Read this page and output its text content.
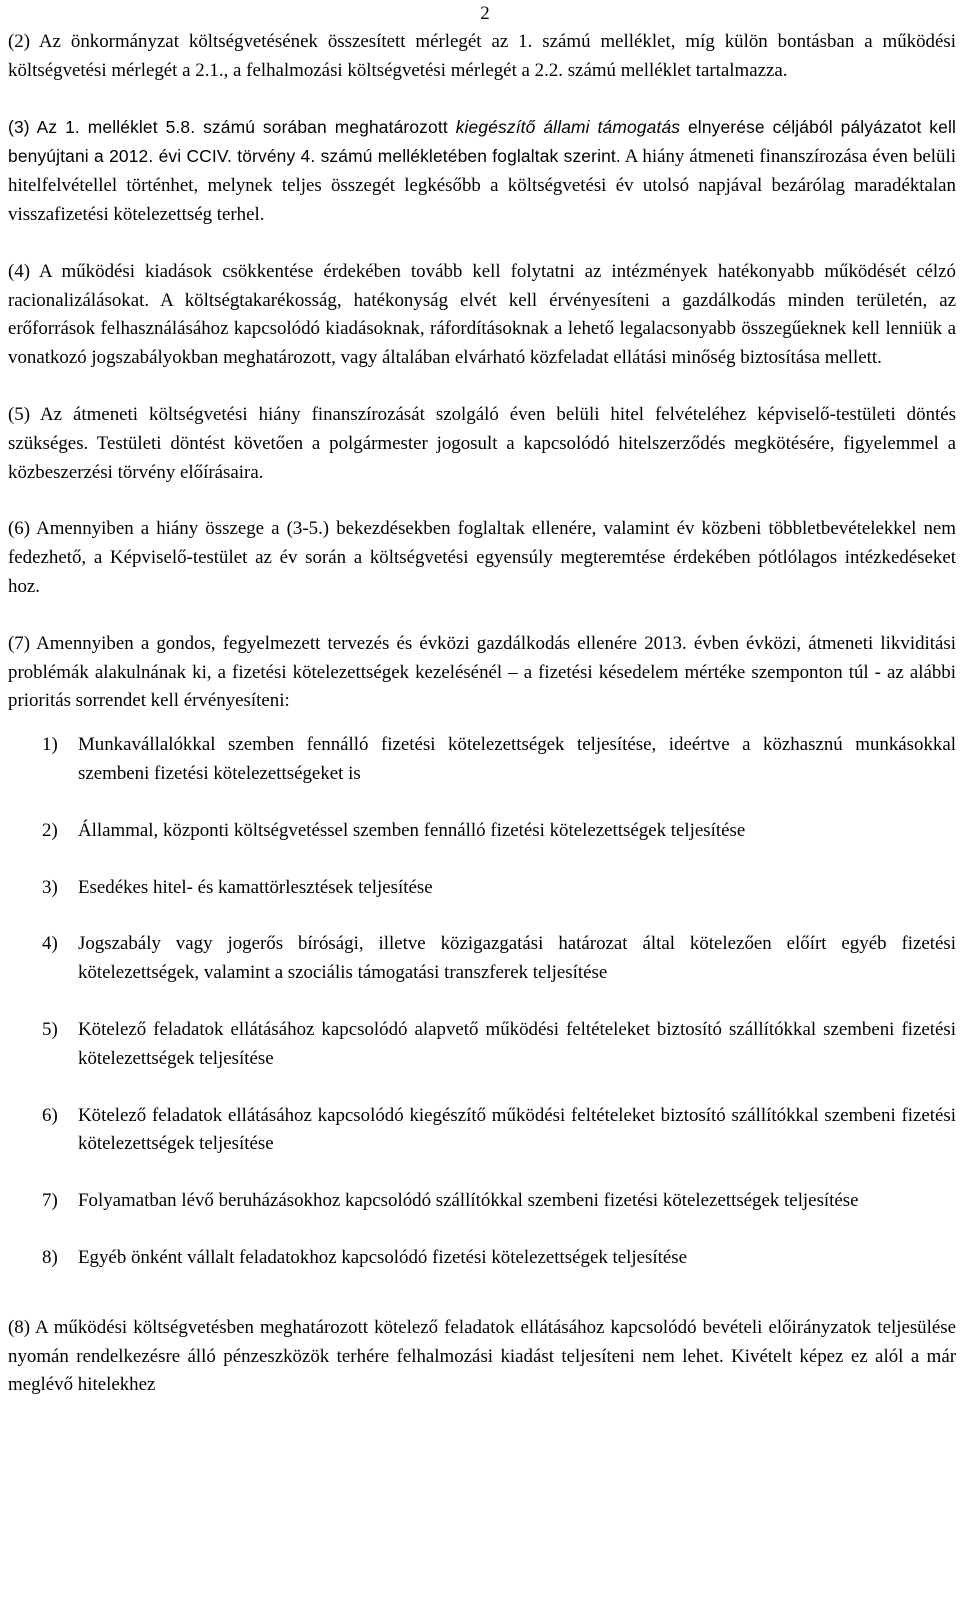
2

(2) Az önkormányzat költségvetésének összesített mérlegét az 1. számú melléklet, míg külön bontásban a működési költségvetési mérlegét a 2.1., a felhalmozási költségvetési mérlegét a 2.2. számú melléklet tartalmazza.

(3) Az 1. melléklet 5.8. számú sorában meghatározott kiegészítő állami támogatás elnyerése céljából pályázatot kell benyújtani a 2012. évi CCIV. törvény 4. számú mellékletében foglaltak szerint. A hiány átmeneti finanszírozása éven belüli hitelfelvétellel történhet, melynek teljes összegét legkésőbb a költségvetési év utolsó napjával bezárólag maradéktalan visszafizetési kötelezettség terhel.

(4) A működési kiadások csökkentése érdekében tovább kell folytatni az intézmények hatékonyabb működését célzó racionalizálásokat. A költségtakarékosság, hatékonyság elvét kell érvényesíteni a gazdálkodás minden területén, az erőforrások felhasználásához kapcsolódó kiadásoknak, ráfordításoknak a lehető legalacsonyabb összegűeknek kell lenniük a vonatkozó jogszabályokban meghatározott, vagy általában elvárható közfeladat ellátási minőség biztosítása mellett.

(5) Az átmeneti költségvetési hiány finanszírozását szolgáló éven belüli hitel felvételéhez képviselő-testületi döntés szükséges. Testületi döntést követően a polgármester jogosult a kapcsolódó hitelszerződés megkötésére, figyelemmel a közbeszerzési törvény előírásaira.

(6) Amennyiben a hiány összege a (3-5.) bekezdésekben foglaltak ellenére, valamint év közbeni többletbevételekkel nem fedezhető, a Képviselő-testület az év során a költségvetési egyensúly megteremtése érdekében pótlólagos intézkedéseket hoz.

(7) Amennyiben a gondos, fegyelmezett tervezés és évközi gazdálkodás ellenére 2013. évben évközi, átmeneti likviditási problémák alakulnának ki, a fizetési kötelezettségek kezelésénél – a fizetési késedelem mértéke szemponton túl - az alábbi prioritás sorrendet kell érvényesíteni:

1) Munkavállalókkal szemben fennálló fizetési kötelezettségek teljesítése, ideértve a közhasznú munkásokkal szembeni fizetési kötelezettségeket is
2) Állammal, központi költségvetéssel szemben fennálló fizetési kötelezettségek teljesítése
3) Esedékes hitel- és kamattörlesztések teljesítése
4) Jogszabály vagy jogerős bírósági, illetve közigazgatási határozat által kötelezően előírt egyéb fizetési kötelezettségek, valamint a szociális támogatási transzferek teljesítése
5) Kötelező feladatok ellátásához kapcsolódó alapvető működési feltételeket biztosító szállítókkal szembeni fizetési kötelezettségek teljesítése
6) Kötelező feladatok ellátásához kapcsolódó kiegészítő működési feltételeket biztosító szállítókkal szembeni fizetési kötelezettségek teljesítése
7) Folyamatban lévő beruházásokhoz kapcsolódó szállítókkal szembeni fizetési kötelezettségek teljesítése
8) Egyéb önként vállalt feladatokhoz kapcsolódó fizetési kötelezettségek teljesítése

(8) A működési költségvetésben meghatározott kötelező feladatok ellátásához kapcsolódó bevételi előirányzatok teljesülése nyomán rendelkezésre álló pénzeszközök terhére felhalmozási kiadást teljesíteni nem lehet. Kivételt képez ez alól a már meglévő hitelekhez
